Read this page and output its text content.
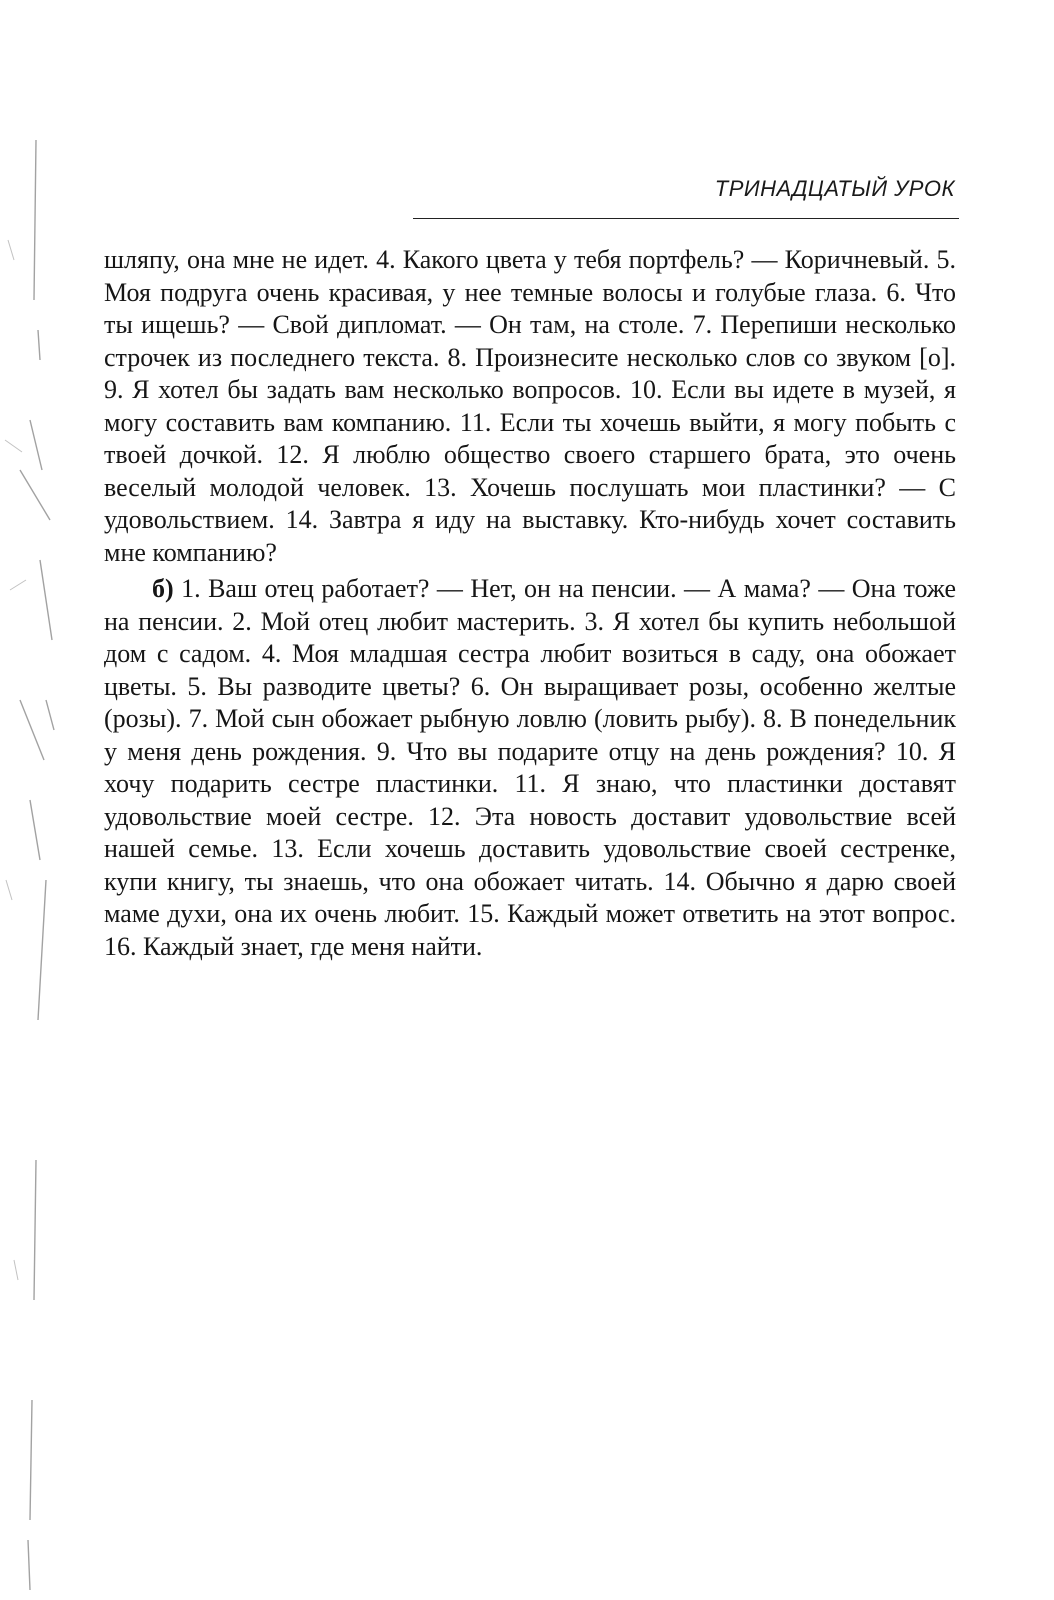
ТРИНАДЦАТЫЙ УРОК

шляпу, она мне не идет. 4. Какого цвета у тебя портфель? — Коричневый. 5. Моя подруга очень красивая, у нее темные волосы и голубые глаза. 6. Что ты ищешь? — Свой дипломат. — Он там, на столе. 7. Перепиши несколько строчек из последнего текста. 8. Произнесите несколько слов со звуком [о]. 9. Я хотел бы задать вам несколько вопросов. 10. Если вы идете в музей, я могу составить вам компанию. 11. Если ты хочешь выйти, я могу побыть с твоей дочкой. 12. Я люблю общество своего старшего брата, это очень веселый молодой человек. 13. Хочешь послушать мои пластинки? — С удовольствием. 14. Завтра я иду на выставку. Кто-нибудь хочет составить мне компанию?

б) 1. Ваш отец работает? — Нет, он на пенсии. — А мама? — Она тоже на пенсии. 2. Мой отец любит мастерить. 3. Я хотел бы купить небольшой дом с садом. 4. Моя младшая сестра любит возиться в саду, она обожает цветы. 5. Вы разводите цветы? 6. Он выращивает розы, особенно желтые (розы). 7. Мой сын обожает рыбную ловлю (ловить рыбу). 8. В понедельник у меня день рождения. 9. Что вы подарите отцу на день рождения? 10. Я хочу подарить сестре пластинки. 11. Я знаю, что пластинки доставят удовольствие моей сестре. 12. Эта новость доставит удовольствие всей нашей семье. 13. Если хочешь доставить удовольствие своей сестренке, купи книгу, ты знаешь, что она обожает читать. 14. Обычно я дарю своей маме духи, она их очень любит. 15. Каждый может ответить на этот вопрос. 16. Каждый знает, где меня найти.
